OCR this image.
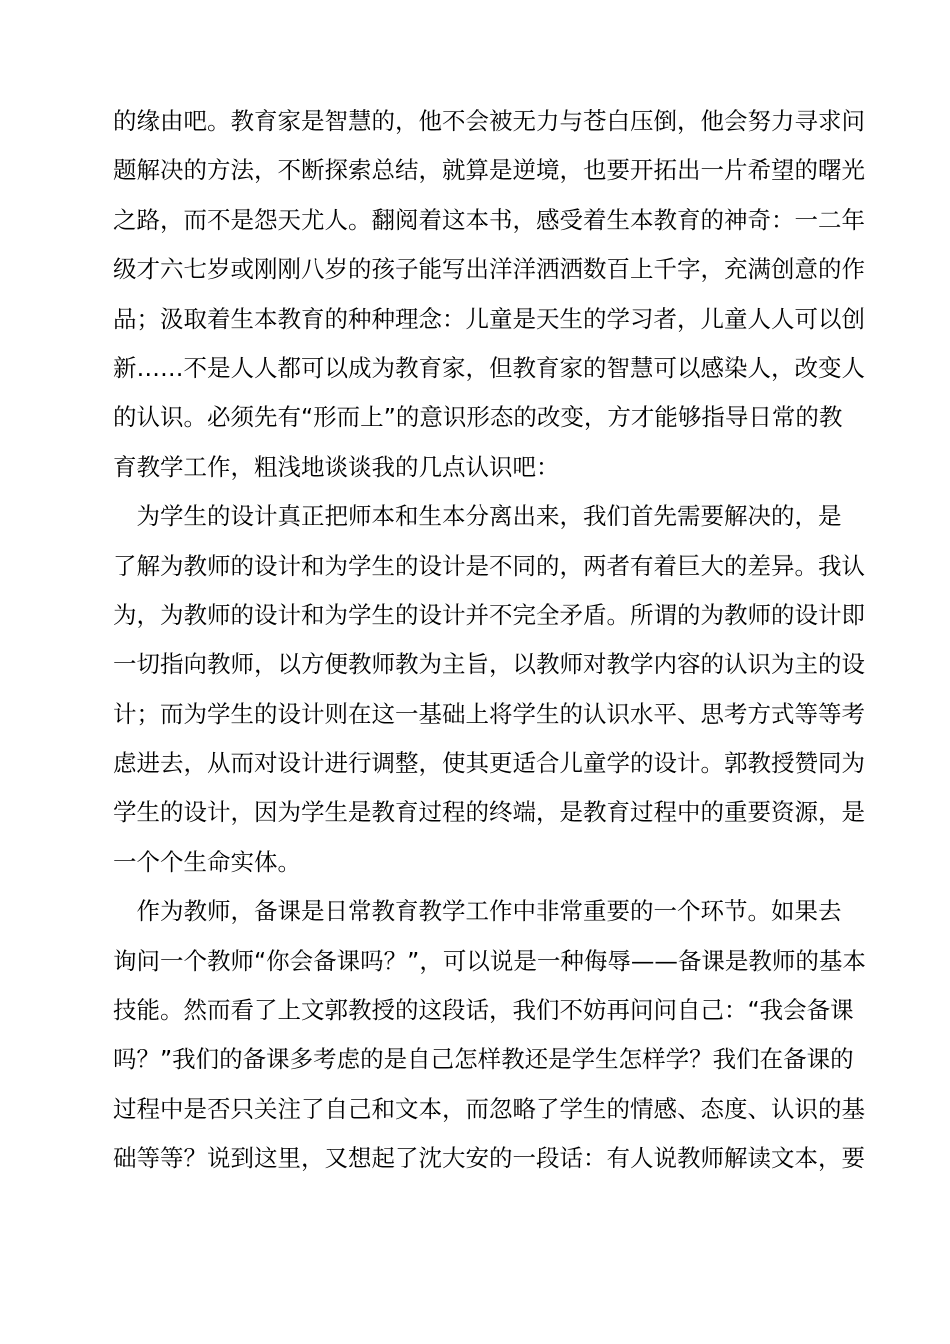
的缘由吧。教育家是智慧的，他不会被无力与苍白压倒，他会努力寻求问
题解决的方法，不断探索总结，就算是逆境，也要开拓出一片希望的曙光
之路，而不是怨天尤人。翻阅着这本书，感受着生本教育的神奇：一二年
级才六七岁或刚刚八岁的孩子能写出洋洋洒洒数百上千字，充满创意的作
品；汲取着生本教育的种种理念：儿童是天生的学习者，儿童人人可以创
新……不是人人都可以成为教育家，但教育家的智慧可以感染人，改变人
的认识。必须先有“形而上”的意识形态的改变，方才能够指导日常的教
育教学工作，粗浅地谈谈我的几点认识吧：
　为学生的设计真正把师本和生本分离出来，我们首先需要解决的，是
了解为教师的设计和为学生的设计是不同的，两者有着巨大的差异。我认
为，为教师的设计和为学生的设计并不完全矛盾。所谓的为教师的设计即
一切指向教师，以方便教师教为主旨，以教师对教学内容的认识为主的设
计；而为学生的设计则在这一基础上将学生的认识水平、思考方式等等考
虑进去，从而对设计进行调整，使其更适合儿童学的设计。郭教授赞同为
学生的设计，因为学生是教育过程的终端，是教育过程中的重要资源，是
一个个生命实体。
　作为教师，备课是日常教育教学工作中非常重要的一个环节。如果去
询问一个教师“你会备课吗？”，可以说是一种侮辱——备课是教师的基本
技能。然而看了上文郭教授的这段话，我们不妨再问问自己：“我会备课
吗？”我们的备课多考虑的是自己怎样教还是学生怎样学？我们在备课的
过程中是否只关注了自己和文本，而忽略了学生的情感、态度、认识的基
础等等？说到这里，又想起了沈大安的一段话：有人说教师解读文本，要
